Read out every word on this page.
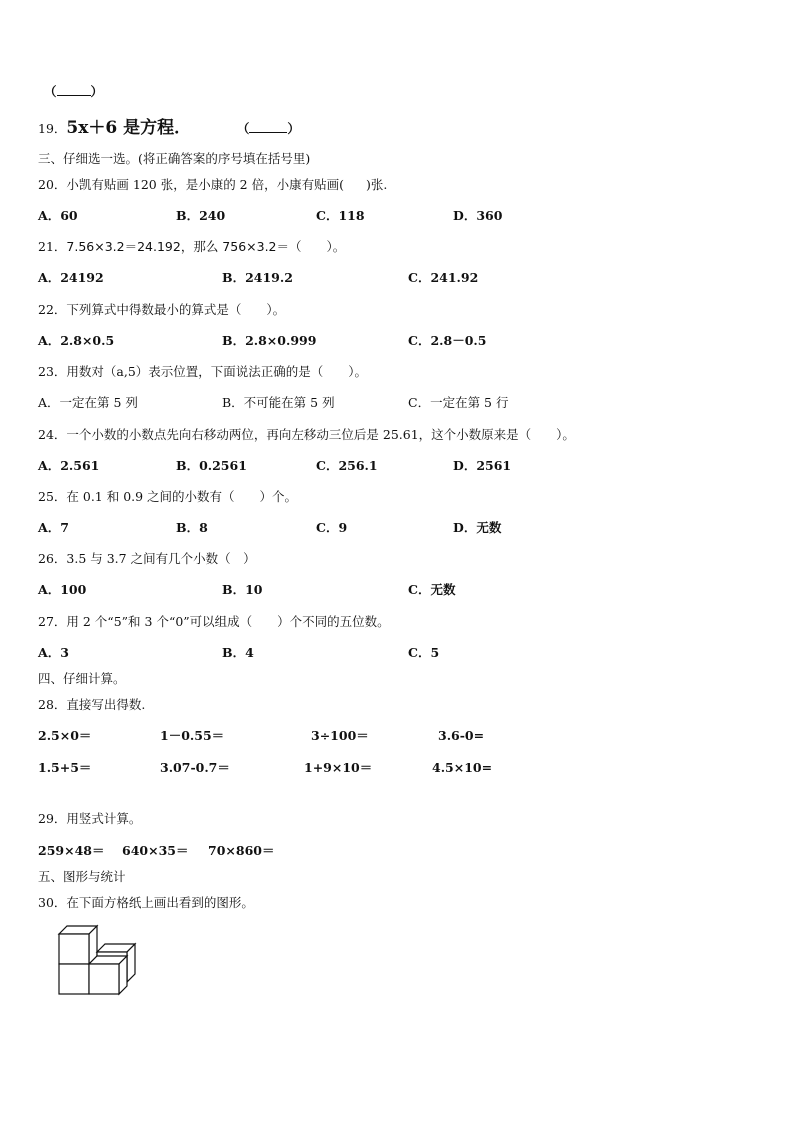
（	）
19．5x＋6 是方程．	（	）
三、仔细选一选。(将正确答案的序号填在括号里)
20．小凯有贴画 120 张，是小康的 2 倍，小康有贴画( )张.
A．60	B．240	C．118	D．360
21．7.56×3.2＝24.192，那么 756×3.2＝（　　）。
A．24192	B．2419.2	C．241.92
22．下列算式中得数最小的算式是（　　）。
A．2.8×0.5	B．2.8×0.999	C．2.8－0.5
23．用数对（a,5）表示位置，下面说法正确的是（　　）。
A．一定在第 5 列	B．不可能在第 5 列	C．一定在第 5 行
24．一个小数的小数点先向右移动两位，再向左移动三位后是 25.61，这个小数原来是（　　）。
A．2.561	B．0.2561	C．256.1	D．2561
25．在 0.1 和 0.9 之间的小数有（　　）个。
A．7	B．8	C．9	D．无数
26．3.5 与 3.7 之间有几个小数（　）
A．100	B．10	C．无数
27．用 2 个“5”和 3 个“0”可以组成（　　）个不同的五位数。
A．3	B．4	C．5
四、仔细计算。
28．直接写出得数.
2.5×0＝	1－0.55＝	3÷100＝	3.6-0=
1.5+5＝	3.07-0.7＝	1+9×10＝	4.5×10=
29．用竖式计算。
259×48＝ 640×35＝ 70×860＝
五、图形与统计
30．在下面方格纸上画出看到的图形。
